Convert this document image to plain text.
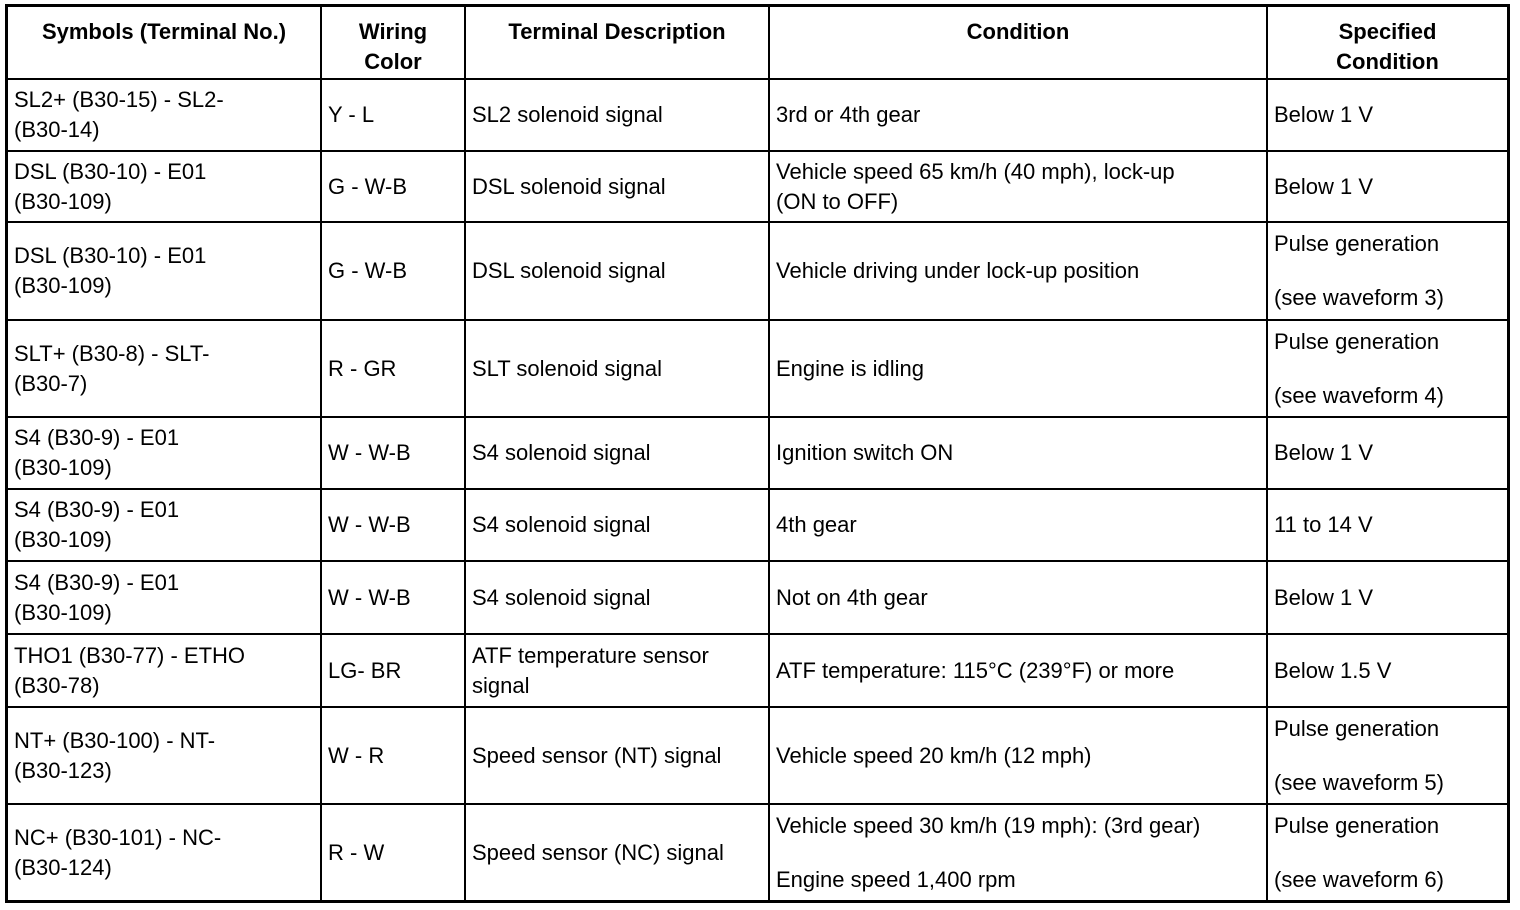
Symbols (Terminal No.)	Wiring
Color	Terminal Description	Condition	Specified
Condition

SL2+ (B30-15) - SL2-
(B30-14)	Y - L	SL2 solenoid signal	3rd or 4th gear	Below 1 V

DSL (B30-10) - E01
(B30-109)	G - W-B	DSL solenoid signal	Vehicle speed 65 km/h (40 mph), lock-up
(ON to OFF)	Below 1 V

DSL (B30-10) - E01
(B30-109)	G - W-B	DSL solenoid signal	Vehicle driving under lock-up position	Pulse generation
(see waveform 3)

SLT+ (B30-8) - SLT-
(B30-7)	R - GR	SLT solenoid signal	Engine is idling	Pulse generation
(see waveform 4)

S4 (B30-9) - E01
(B30-109)	W - W-B	S4 solenoid signal	Ignition switch ON	Below 1 V

S4 (B30-9) - E01
(B30-109)	W - W-B	S4 solenoid signal	4th gear	11 to 14 V

S4 (B30-9) - E01
(B30-109)	W - W-B	S4 solenoid signal	Not on 4th gear	Below 1 V

THO1 (B30-77) - ETHO
(B30-78)	LG- BR	ATF temperature sensor
signal	ATF temperature: 115°C (239°F) or more	Below 1.5 V

NT+ (B30-100) - NT-
(B30-123)	W - R	Speed sensor (NT) signal	Vehicle speed 20 km/h (12 mph)	Pulse generation
(see waveform 5)

NC+ (B30-101) - NC-
(B30-124)	R - W	Speed sensor (NC) signal	Vehicle speed 30 km/h (19 mph): (3rd gear)
Engine speed 1,400 rpm	Pulse generation
(see waveform 6)
